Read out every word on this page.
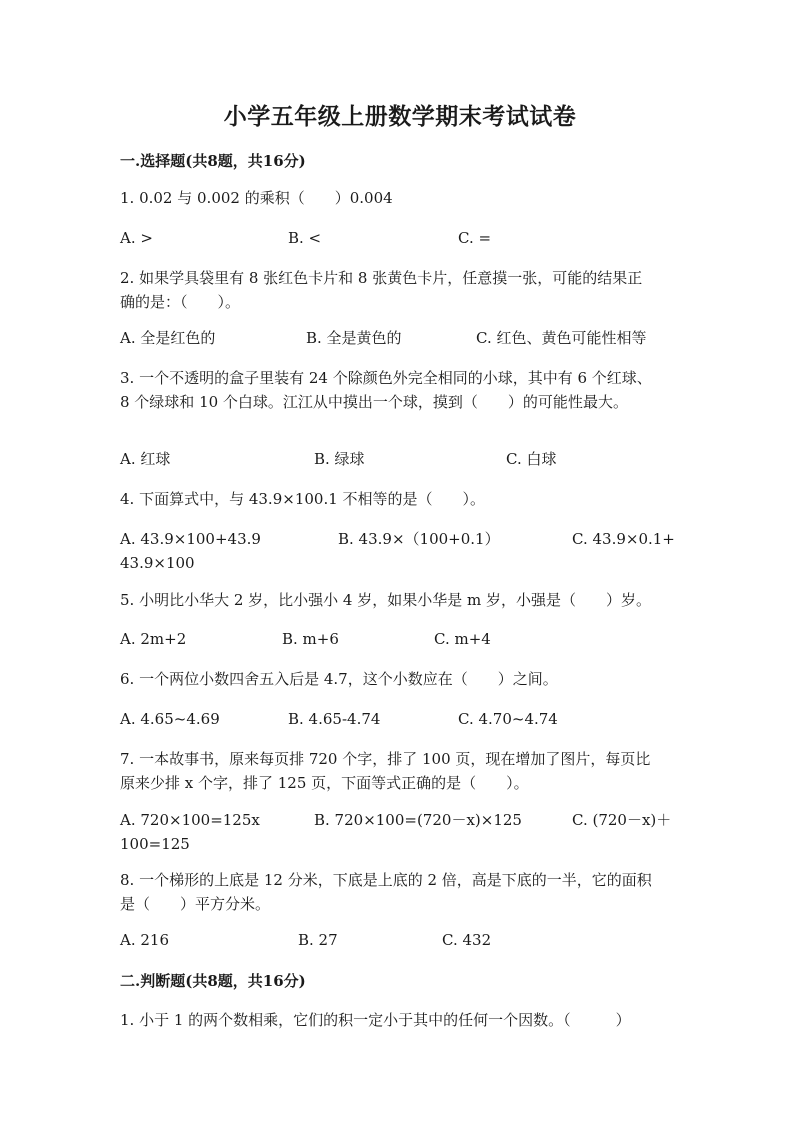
小学五年级上册数学期末考试试卷
一.选择题(共8题，共16分)
1. 0.02 与 0.002 的乘积（　　）0.004
A. >	B. <	C. =
2. 如果学具袋里有 8 张红色卡片和 8 张黄色卡片，任意摸一张，可能的结果正
确的是：（　　）。
A. 全是红色的	B. 全是黄色的	C. 红色、黄色可能性相等
3. 一个不透明的盒子里装有 24 个除颜色外完全相同的小球，其中有 6 个红球、
8 个绿球和 10 个白球。江江从中摸出一个球，摸到（　　）的可能性最大。
A. 红球	B. 绿球	C. 白球
4. 下面算式中，与 43.9×100.1 不相等的是（　　）。
A. 43.9×100+43.9	B. 43.9×（100+0.1）	C. 43.9×0.1+
43.9×100
5. 小明比小华大 2 岁，比小强小 4 岁，如果小华是 m 岁，小强是（　　）岁。
A. 2m+2	B. m+6	C. m+4
6. 一个两位小数四舍五入后是 4.7，这个小数应在（　　）之间。
A. 4.65~4.69	B. 4.65-4.74	C. 4.70~4.74
7. 一本故事书，原来每页排 720 个字，排了 100 页，现在增加了图片，每页比
原来少排 x 个字，排了 125 页，下面等式正确的是（　　）。
A. 720×100=125x	B. 720×100=(720－x)×125	C. (720－x)＋
100=125
8. 一个梯形的上底是 12 分米，下底是上底的 2 倍，高是下底的一半，它的面积
是（　　）平方分米。
A. 216	B. 27	C. 432
二.判断题(共8题，共16分)
1. 小于 1 的两个数相乘，它们的积一定小于其中的任何一个因数。（　　　）
